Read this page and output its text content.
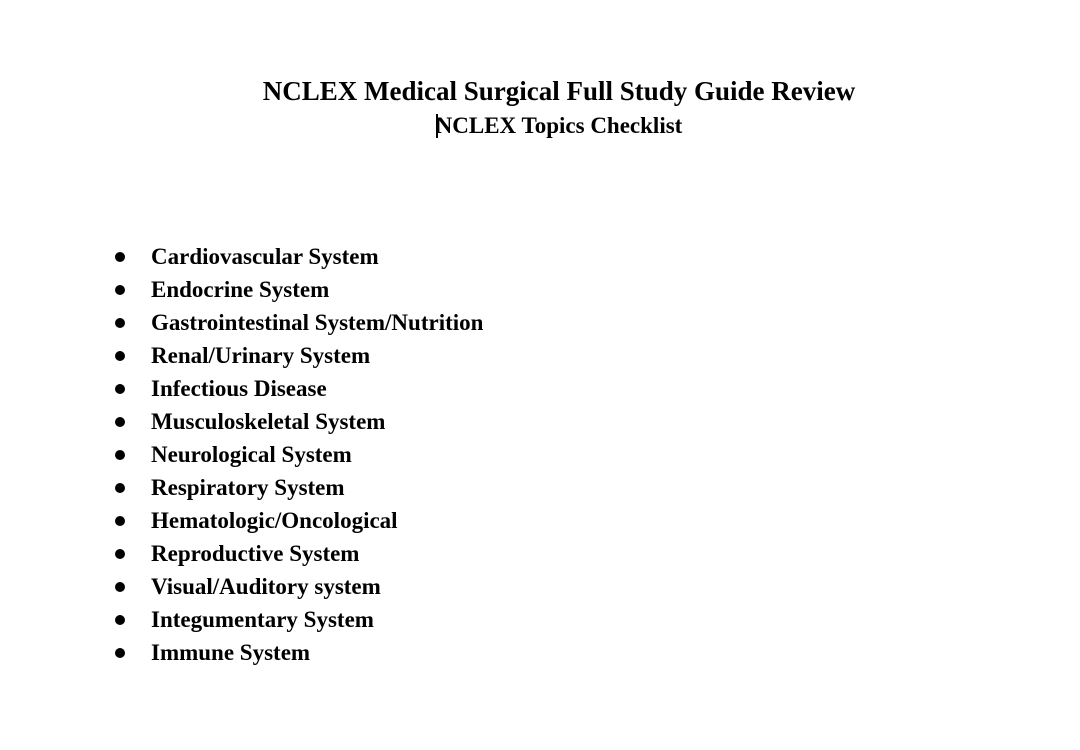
NCLEX Medical Surgical Full Study Guide Review
NCLEX Topics Checklist
Cardiovascular System
Endocrine System
Gastrointestinal System/Nutrition
Renal/Urinary System
Infectious Disease
Musculoskeletal System
Neurological System
Respiratory System
Hematologic/Oncological
Reproductive System
Visual/Auditory system
Integumentary System
Immune System
